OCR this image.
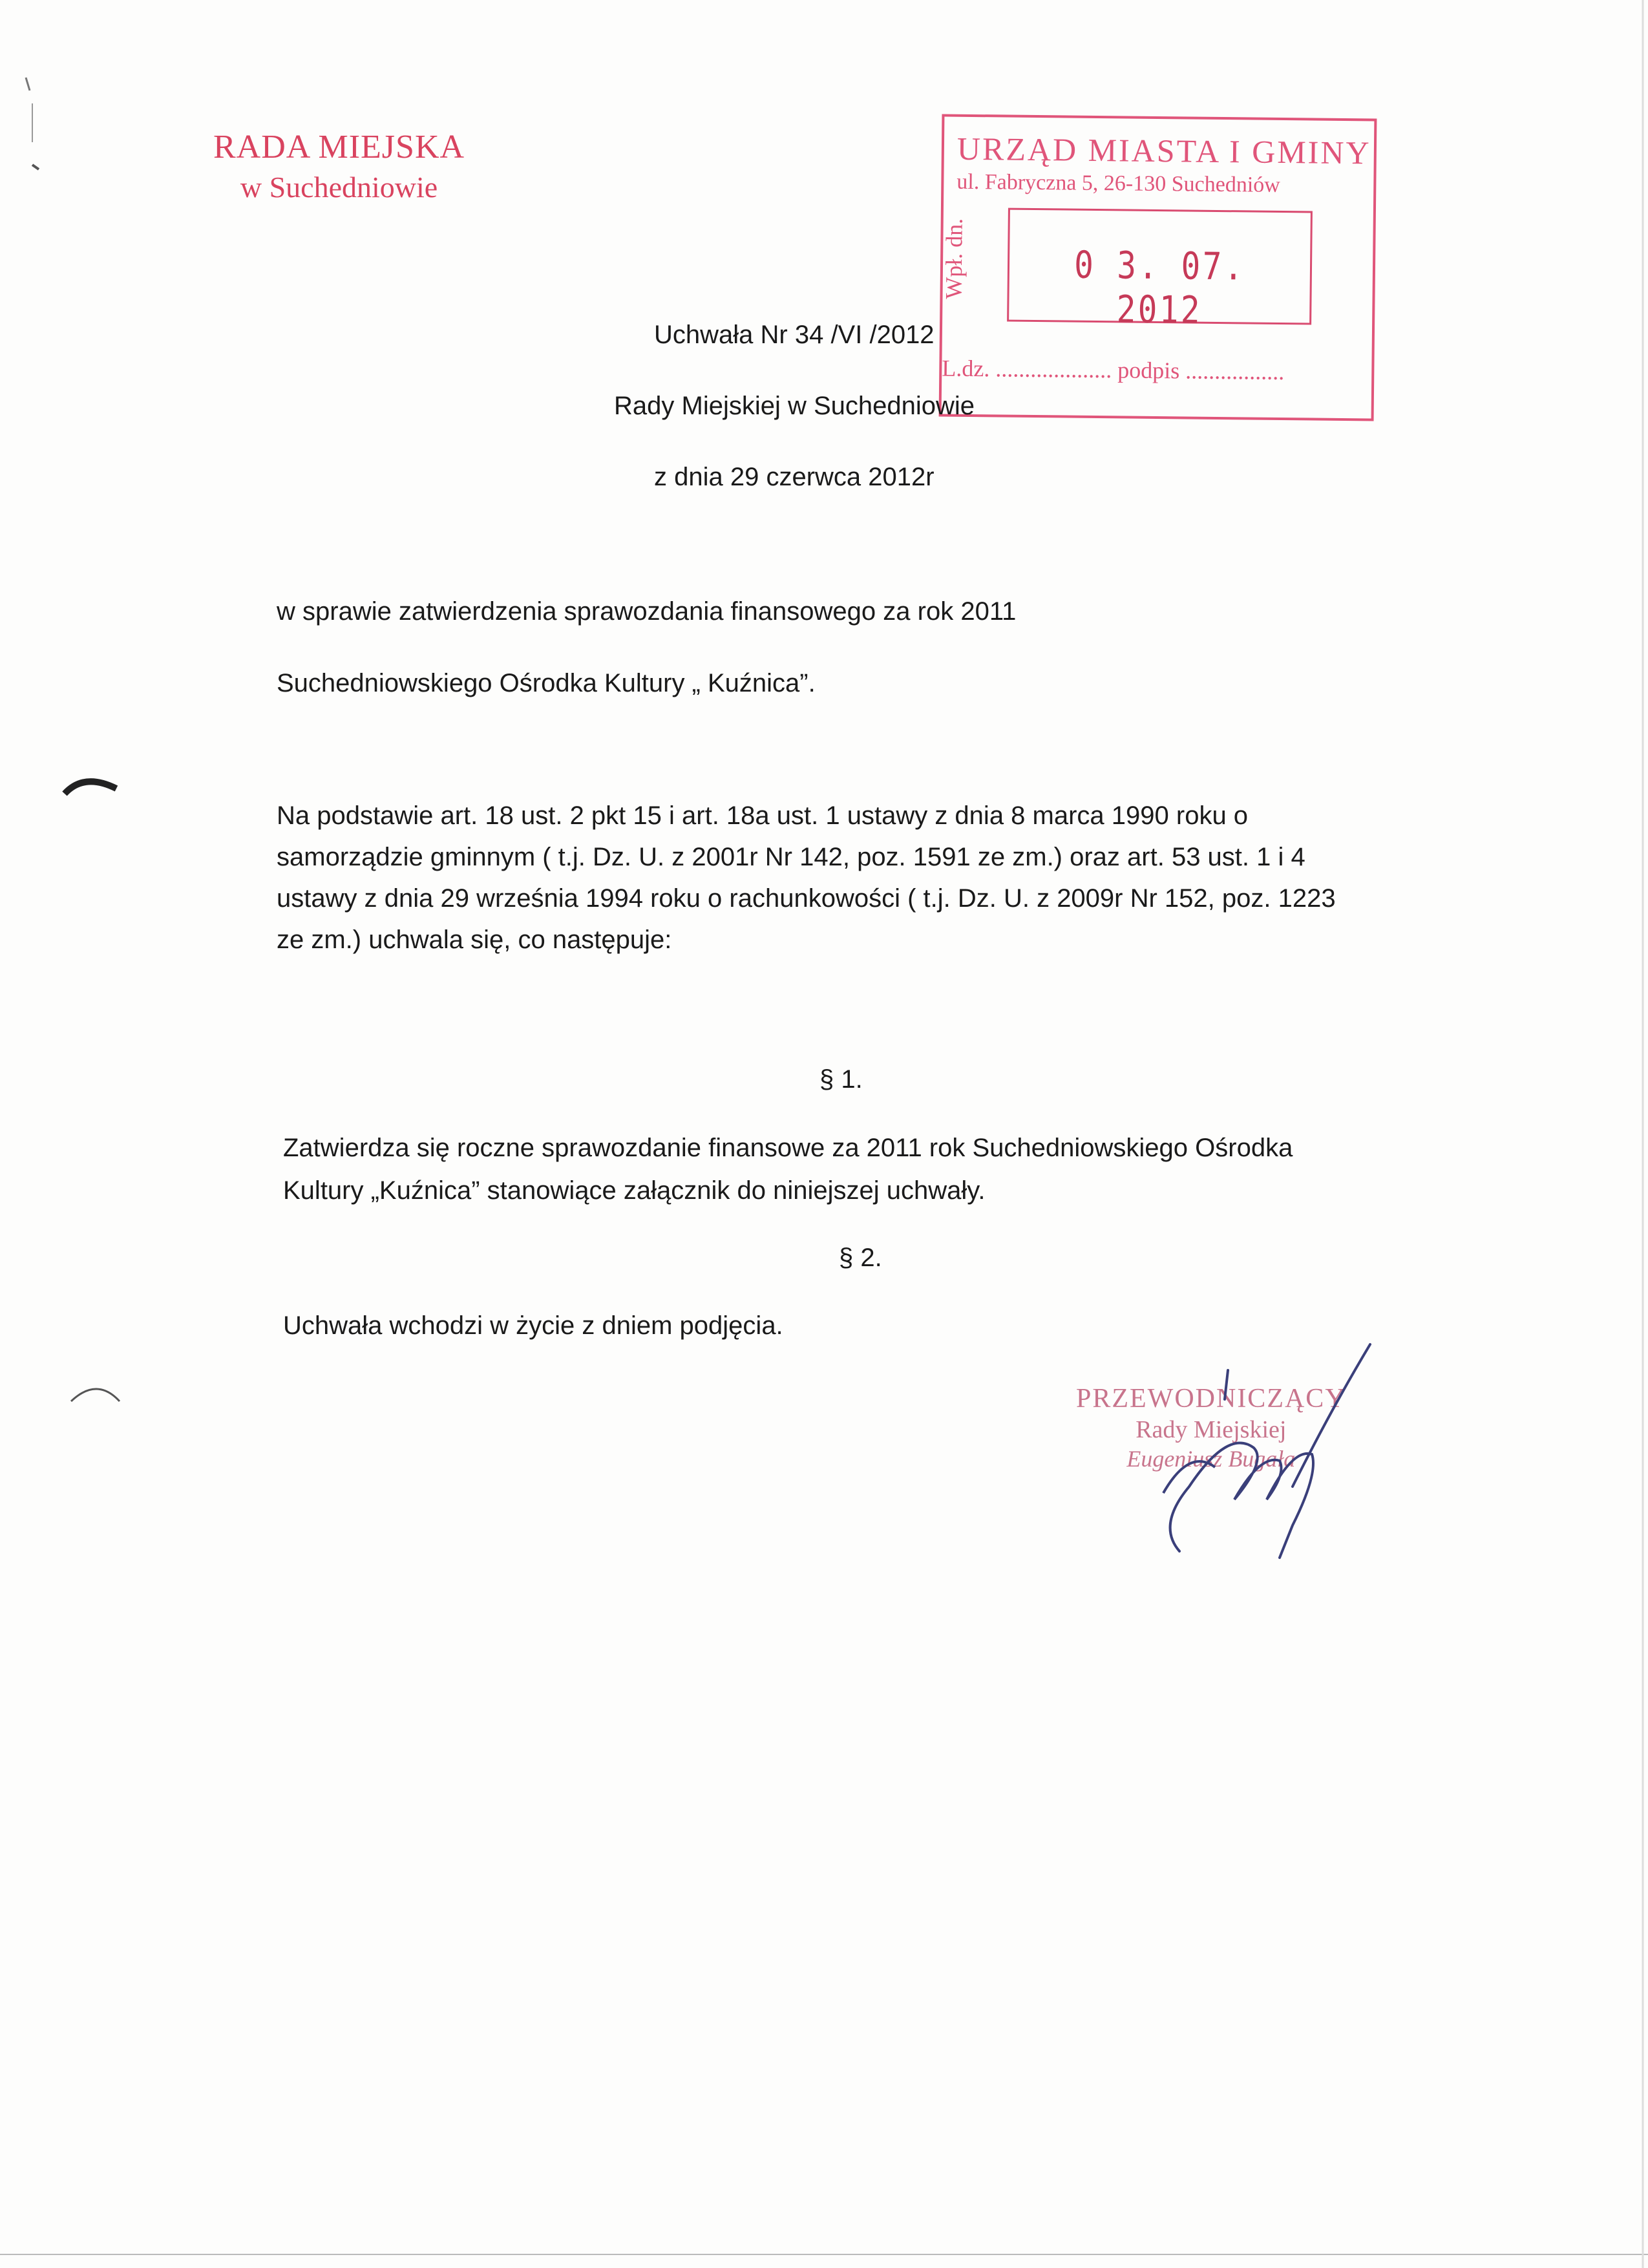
RADA MIEJSKA
w Suchedniowie
URZĄD MIASTA I GMINY
ul. Fabryczna 5, 26-130 Suchedniów
Wpł. dn.	0 3. 07. 2012
L.dz. .................... podpis .................
Uchwała Nr 34 /VI /2012
Rady Miejskiej w Suchedniowie
z dnia 29 czerwca 2012r
w sprawie zatwierdzenia sprawozdania finansowego za rok 2011
Suchedniowskiego Ośrodka Kultury „ Kuźnica”.
Na podstawie art. 18 ust. 2 pkt 15 i art. 18a ust. 1 ustawy z dnia 8 marca 1990 roku o
samorządzie gminnym ( t.j. Dz. U. z 2001r Nr 142, poz. 1591 ze zm.) oraz art. 53 ust. 1 i 4
ustawy z dnia 29 września 1994 roku o rachunkowości ( t.j. Dz. U. z 2009r Nr 152, poz. 1223
ze zm.) uchwala się, co następuje:
§ 1.
Zatwierdza się roczne sprawozdanie finansowe za 2011 rok Suchedniowskiego Ośrodka
Kultury „Kuźnica” stanowiące załącznik do niniejszej uchwały.
§ 2.
Uchwała wchodzi w życie z dniem podjęcia.
PRZEWODNICZĄCY
Rady Miejskiej
Eugeniusz Bugała
